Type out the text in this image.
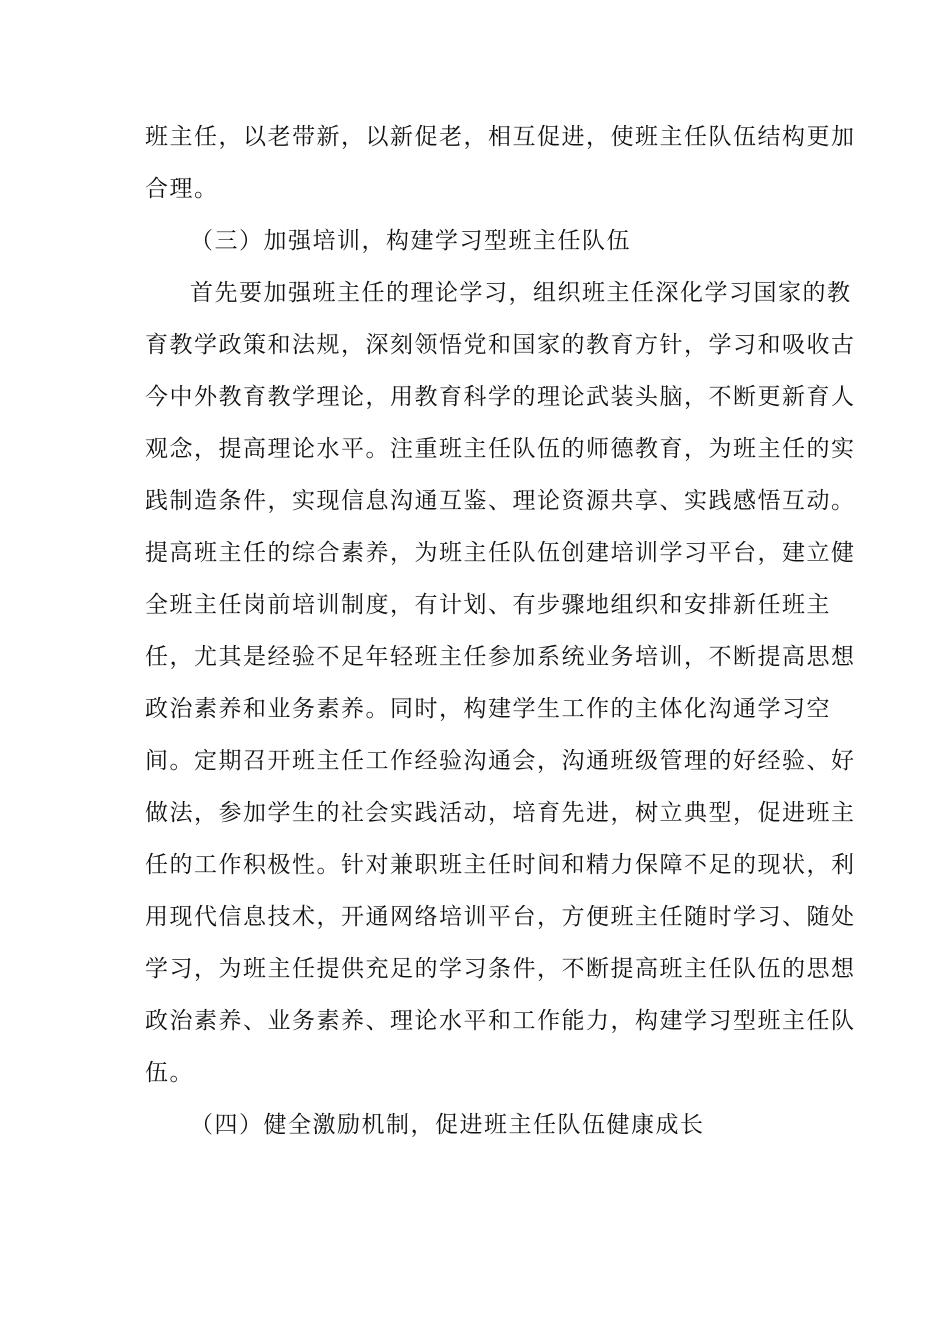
班主任，以老带新，以新促老，相互促进，使班主任队伍结构更加
合理。
（三）加强培训，构建学习型班主任队伍
首先要加强班主任的理论学习，组织班主任深化学习国家的教
育教学政策和法规，深刻领悟党和国家的教育方针，学习和吸收古
今中外教育教学理论，用教育科学的理论武装头脑，不断更新育人
观念，提高理论水平。注重班主任队伍的师德教育，为班主任的实
践制造条件，实现信息沟通互鉴、理论资源共享、实践感悟互动。
提高班主任的综合素养，为班主任队伍创建培训学习平台，建立健
全班主任岗前培训制度，有计划、有步骤地组织和安排新任班主
任，尤其是经验不足年轻班主任参加系统业务培训，不断提高思想
政治素养和业务素养。同时，构建学生工作的主体化沟通学习空
间。定期召开班主任工作经验沟通会，沟通班级管理的好经验、好
做法，参加学生的社会实践活动，培育先进，树立典型，促进班主
任的工作积极性。针对兼职班主任时间和精力保障不足的现状，利
用现代信息技术，开通网络培训平台，方便班主任随时学习、随处
学习，为班主任提供充足的学习条件，不断提高班主任队伍的思想
政治素养、业务素养、理论水平和工作能力，构建学习型班主任队
伍。
（四）健全激励机制，促进班主任队伍健康成长
